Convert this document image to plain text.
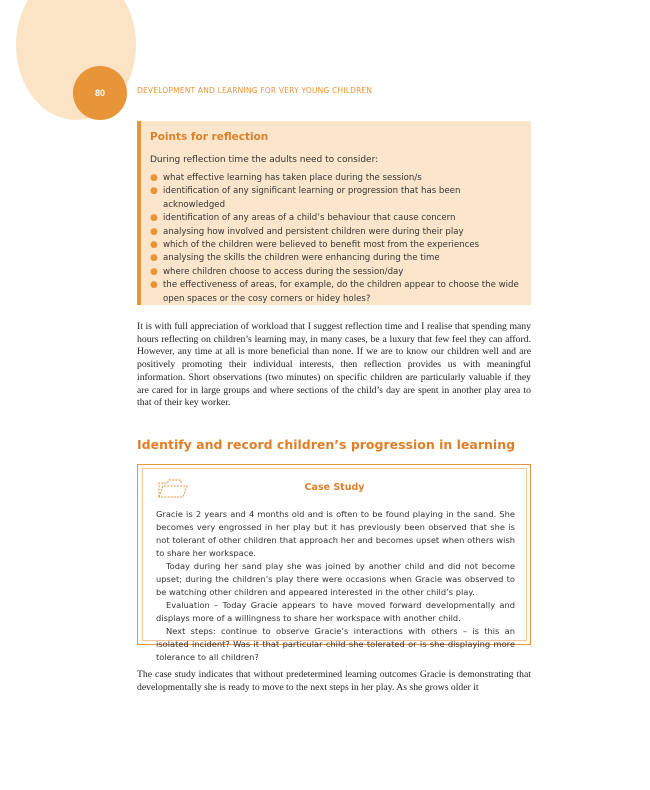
80	DEVELOPMENT AND LEARNING FOR VERY YOUNG CHILDREN
Points for reflection
During reflection time the adults need to consider:
● what effective learning has taken place during the session/s
● identification of any significant learning or progression that has been acknowledged
● identification of any areas of a child’s behaviour that cause concern
● analysing how involved and persistent children were during their play
● which of the children were believed to benefit most from the experiences
● analysing the skills the children were enhancing during the time
● where children choose to access during the session/day
● the effectiveness of areas, for example, do the children appear to choose the wide open spaces or the cosy corners or hidey holes?
It is with full appreciation of workload that I suggest reflection time and I realise that spending many hours reflecting on children’s learning may, in many cases, be a luxury that few feel they can afford. However, any time at all is more beneficial than none. If we are to know our children well and are positively promoting their individual interests, then reflection provides us with meaningful information. Short observations (two minutes) on specific children are particularly valuable if they are cared for in large groups and where sections of the child’s day are spent in another play area to that of their key worker.
Identify and record children’s progression in learning
Case Study

Gracie is 2 years and 4 months old and is often to be found playing in the sand. She becomes very engrossed in her play but it has previously been observed that she is not tolerant of other children that approach her and becomes upset when others wish to share her workspace.

Today during her sand play she was joined by another child and did not become upset; during the children’s play there were occasions when Gracie was observed to be watching other children and appeared interested in the other child’s play.

Evaluation – Today Gracie appears to have moved forward developmentally and displays more of a willingness to share her workspace with another child.

Next steps: continue to observe Gracie’s interactions with others – is this an isolated incident? Was it that particular child she tolerated or is she displaying more tolerance to all children?

The case study indicates that without predetermined learning outcomes Gracie is demonstrating that developmentally she is ready to move to the next steps in her play. As she grows older it
